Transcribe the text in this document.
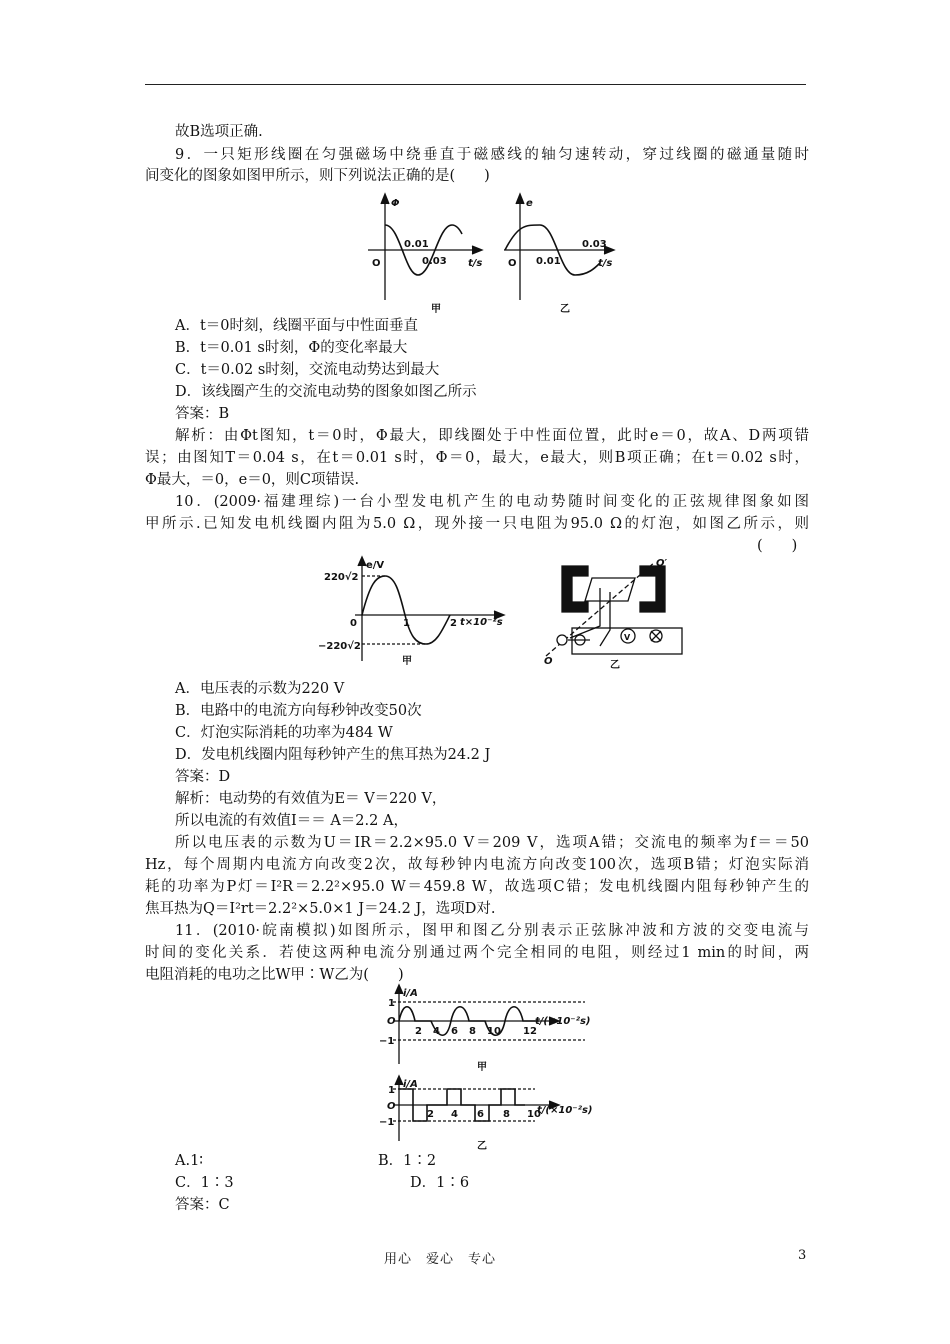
故B选项正确.
9．一只矩形线圈在匀强磁场中绕垂直于磁感线的轴匀速转动，穿过线圈的磁通量随时
间变化的图象如图甲所示，则下列说法正确的是(　　)
Φ
O
0.01
0.03 t/s
甲
e
O 0.01
0.03
t/s
乙
A．t＝0时刻，线圈平面与中性面垂直
B．t＝0.01 s时刻，Φ的变化率最大
C．t＝0.02 s时刻，交流电动势达到最大
D．该线圈产生的交流电动势的图象如图乙所示
答案：B
解析：由Φt图知，t＝0时，Φ最大，即线圈处于中性面位置，此时e＝0，故A、D两项错
误；由图知T＝0.04 s，在t＝0.01 s时，Φ＝0，最大，e最大，则B项正确；在t＝0.02 s时，
Φ最大，＝0，e＝0，则C项错误.
10．(2009·福建理综)一台小型发电机产生的电动势随时间变化的正弦规律图象如图
甲所示.已知发电机线圈内阻为5.0 Ω，现外接一只电阻为95.0 Ω的灯泡，如图乙所示，则
(　　)
e/V
220√2
0
−220√2
1	2 t×10⁻²s
甲
V
O
O′
乙
A．电压表的示数为220 V
B．电路中的电流方向每秒钟改变50次
C．灯泡实际消耗的功率为484 W
D．发电机线圈内阻每秒钟产生的焦耳热为24.2 J
答案：D
解析：电动势的有效值为E＝ V＝220 V，
所以电流的有效值I＝＝ A＝2.2 A，
所以电压表的示数为U＝IR＝2.2×95.0 V＝209 V，选项A错；交流电的频率为f＝＝50
Hz，每个周期内电流方向改变2次，故每秒钟内电流方向改变100次，选项B错；灯泡实际消
耗的功率为P灯＝I²R＝2.2²×95.0 W＝459.8 W，故选项C错；发电机线圈内阻每秒钟产生的
焦耳热为Q＝I²rt＝2.2²×5.0×1 J＝24.2 J，选项D对.
11．(2010·皖南模拟)如图所示，图甲和图乙分别表示正弦脉冲波和方波的交变电流与
时间的变化关系．若使这两种电流分别通过两个完全相同的电阻，则经过1 min的时间，两
电阻消耗的电功之比W甲∶W乙为(　　)
i/A
1
O
−1
2 4 6 8 10 12
t/(×10⁻²s)
甲
i/A
1
O
−1
2 4 6 8 10
t/(×10⁻²s)
乙
A.1∶	B．1∶2
C．1∶3	D．1∶6
答案：C
用心　爱心　专心	3
